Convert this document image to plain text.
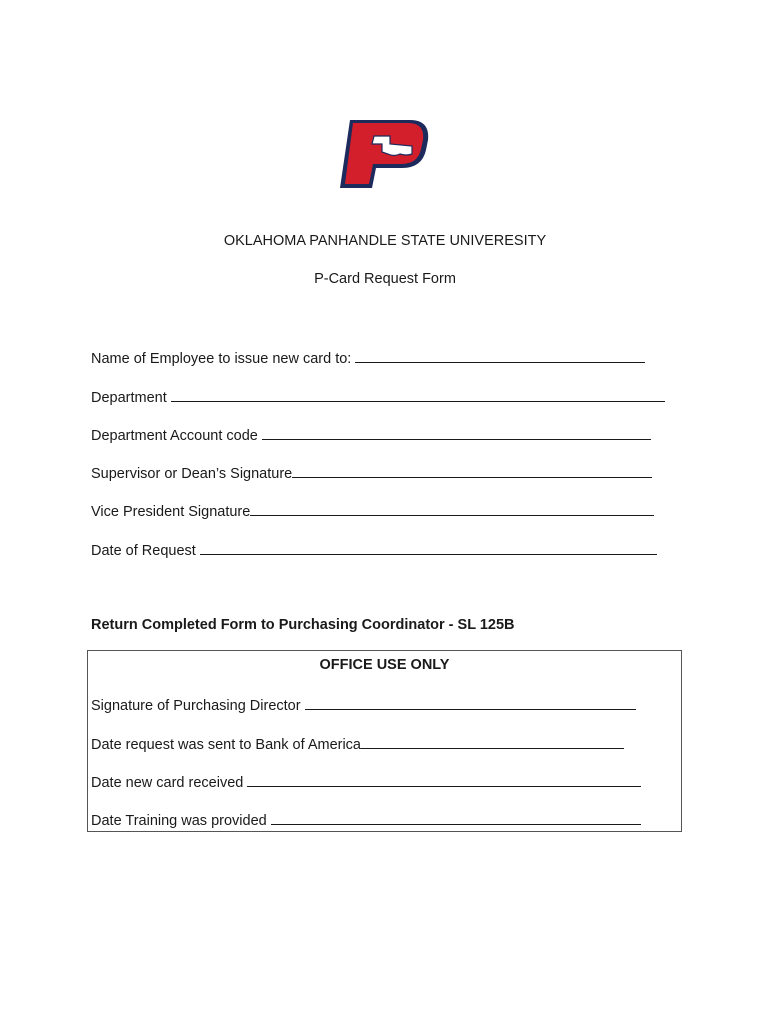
OKLAHOMA PANHANDLE STATE UNIVERESITY
P-Card Request Form
Name of Employee to issue new card to:
Department
Department Account code
Supervisor or Dean’s Signature
Vice President Signature
Date of Request
Return Completed Form to Purchasing Coordinator - SL 125B
OFFICE USE ONLY
Signature of Purchasing Director
Date request was sent to Bank of America
Date new card received
Date Training was provided
